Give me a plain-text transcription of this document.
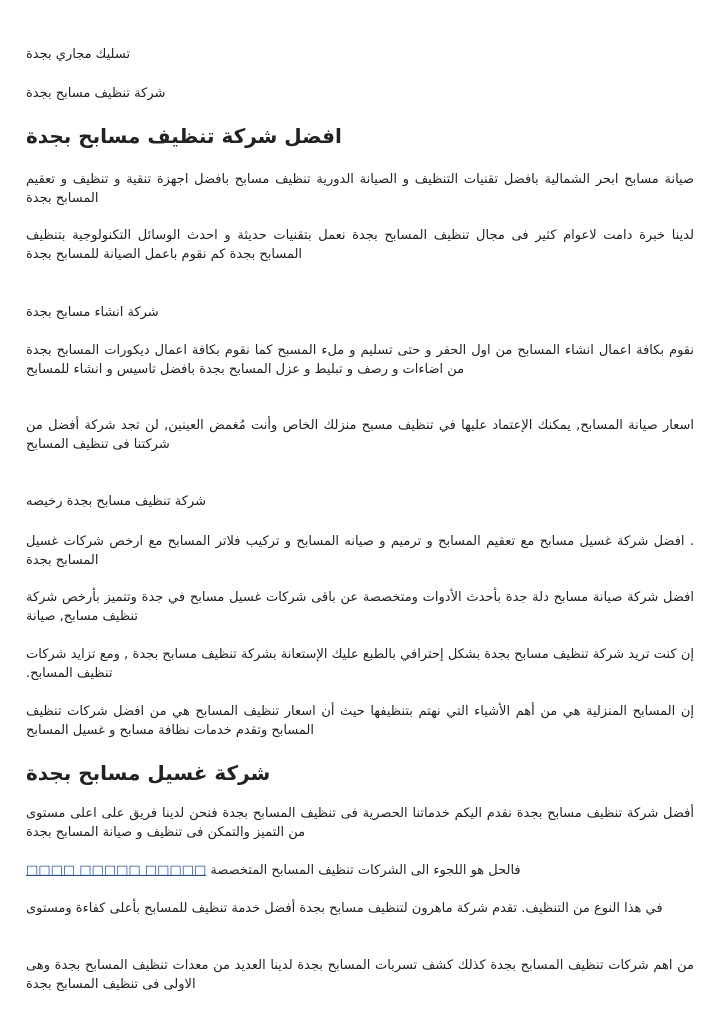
تسليك مجاري بجدة
شركة تنظيف مسابح بجدة
افضل شركة تنظيف مسابح بجدة
صيانة مسابح ابحر الشمالية بافضل تقنيات التنظيف و الصيانة الدورية تنظيف مسابح بافضل اجهزة تنقية و تنظيف و تعقيم المسابح بجدة
لدينا خبرة دامت لاعوام كثير فى مجال تنظيف المسابح بجدة نعمل بتقنيات حديثة و احدث الوسائل التكنولوجية بتنظيف المسابح بجدة كم نقوم باعمل الصيانة للمسابح بجدة
شركة انشاء مسابح بجدة
نقوم بكافة اعمال انشاء المسابح من اول الحفر و حتى تسليم و ملء المسبح كما نقوم بكافة اعمال ديكورات المسابح بجدة من اضاءات و رصف و تبليط و عزل المسابح بجدة بافضل تاسيس و انشاء للمسابح
اسعار صيانة المسابح, يمكنك الإعتماد عليها في تنظيف مسبح منزلك الخاص وأنت مُغمض العينين, لن تجد شركة أفضل من شركتنا فى تنظيف المسابح
شركة تنظيف مسابح بجدة رخيصه
. افضل شركة غسيل مسابح مع تعقيم المسابح و ترميم و صيانه المسابح و تركيب فلاتر المسابح مع ارخص شركات غسيل المسابح بجدة
افضل شركة صيانة مسابح دلة جدة بأحدث الأدوات ومتخصصة عن باقى شركات غسيل مسابح في جدة وتتميز بأرخص شركة تنظيف مسابح, صيانة
إن كنت تريد شركة تنظيف مسابح بجدة بشكل إحترافي بالطبع عليك الإستعانة بشركة تنظيف مسابح بجدة , ومع تزايد شركات تنظيف المسابح.
إن المسابح المنزلية هي من أهم الأشياء التي نهتم بتنظيفها حيث أن اسعار تنظيف المسابح هي من افضل شركات تنظيف المسابح وتقدم خدمات نظافة مسابح و غسيل المسابح
شركة غسيل مسابح بجدة
أفضل شركة تنظيف مسابح بجدة نقدم اليكم خدماتنا الحصرية فى تنظيف المسابح بجدة فنحن لدينا فريق على اعلى مستوى من التميز والتمكن فى تنظيف و صيانة المسابح بجدة
فالحل هو اللجوء الى الشركات تنظيف المسابح المتخصصة □□□□□ □□□□□ □□□□
في هذا النوع من التنظيف. تقدم شركة ماهرون لتنظيف مسابح بجدة أفضل خدمة تنظيف للمسابح بأعلى كفاءة ومستوى
من اهم شركات تنظيف المسابح بجدة كذلك كشف تسربات المسابح بجدة لدينا العديد من معدات تنظيف المسابح بجدة وهى الاولى فى تنظيف المسابح بجدة
